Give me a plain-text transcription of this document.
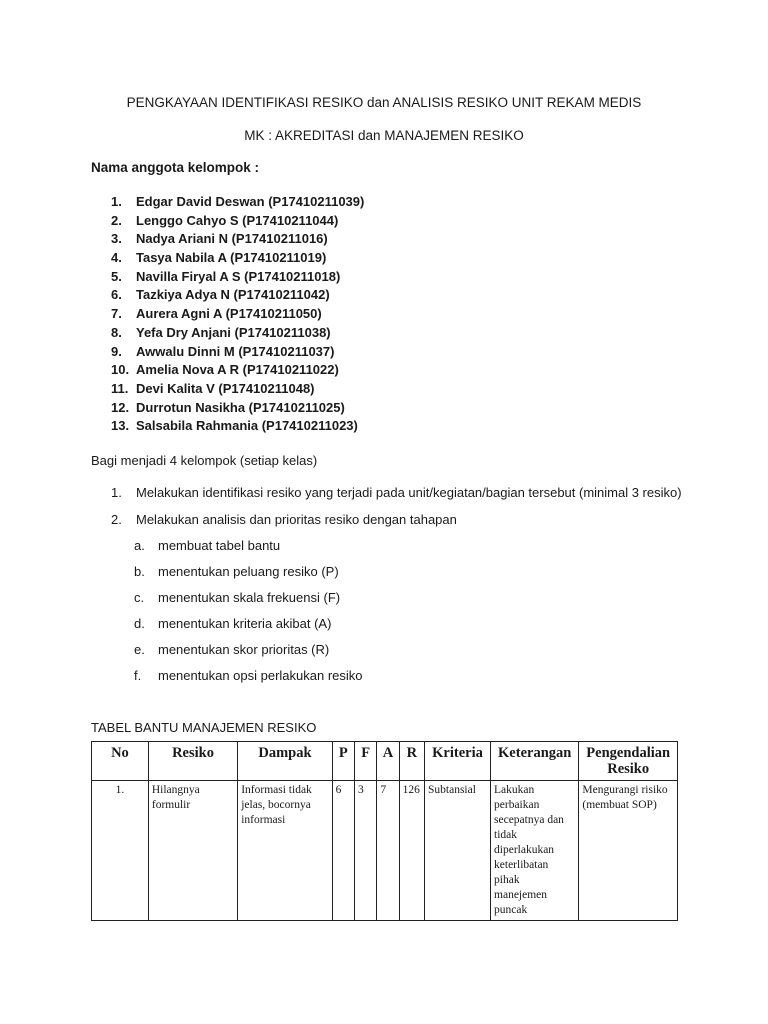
PENGKAYAAN IDENTIFIKASI RESIKO dan ANALISIS RESIKO UNIT REKAM MEDIS
MK : AKREDITASI dan MANAJEMEN RESIKO
Nama anggota kelompok :
1.	Edgar David Deswan (P17410211039)
2.	Lenggo Cahyo S (P17410211044)
3.	Nadya Ariani N (P17410211016)
4.	Tasya Nabila A (P17410211019)
5.	Navilla Firyal A S (P17410211018)
6.	Tazkiya Adya N (P17410211042)
7.	Aurera Agni A (P17410211050)
8.	Yefa Dry Anjani (P17410211038)
9.	Awwalu Dinni M (P17410211037)
10. Amelia Nova A R (P17410211022)
11. Devi Kalita V (P17410211048)
12. Durrotun Nasikha (P17410211025)
13. Salsabila Rahmania (P17410211023)
Bagi menjadi 4 kelompok (setiap kelas)
1. Melakukan identifikasi resiko yang terjadi pada unit/kegiatan/bagian tersebut (minimal 3 resiko)
2. Melakukan analisis dan prioritas resiko dengan tahapan
a. membuat tabel bantu
b. menentukan peluang resiko (P)
c. menentukan skala frekuensi (F)
d. menentukan kriteria akibat (A)
e. menentukan skor prioritas (R)
f. menentukan opsi perlakukan resiko
TABEL BANTU MANAJEMEN RESIKO
No	Resiko	Dampak	P	F	A	R	Kriteria	Keterangan	Pengendalian Resiko
1.	Hilangnya formulir	Informasi tidak jelas, bocornya informasi	6	3	7	126	Subtansial	Lakukan perbaikan secepatnya dan tidak diperlakukan keterlibatan pihak manejemen puncak	Mengurangi risiko (membuat SOP)
